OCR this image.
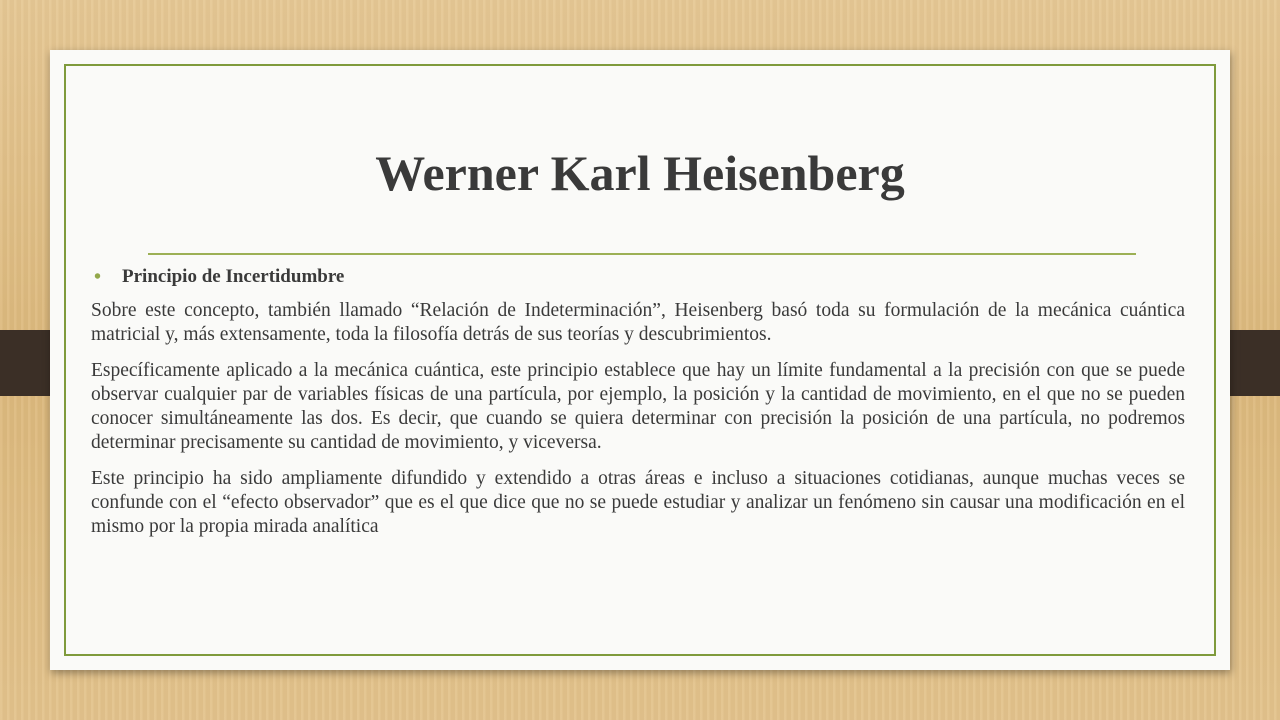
Werner Karl Heisenberg
•	Principio de Incertidumbre

Sobre este concepto, también llamado “Relación de Indeterminación”, Heisenberg basó toda su formulación de la mecánica cuántica matricial y, más extensamente, toda la filosofía detrás de sus teorías y descubrimientos.

Específicamente aplicado a la mecánica cuántica, este principio establece que hay un límite fundamental a la precisión con que se puede observar cualquier par de variables físicas de una partícula, por ejemplo, la posición y la cantidad de movimiento, en el que no se pueden conocer simultáneamente las dos. Es decir, que cuando se quiera determinar con precisión la posición de una partícula, no podremos determinar precisamente su cantidad de movimiento, y viceversa.

Este principio ha sido ampliamente difundido y extendido a otras áreas e incluso a situaciones cotidianas, aunque muchas veces se confunde con el “efecto observador” que es el que dice que no se puede estudiar y analizar un fenómeno sin causar una modificación en el mismo por la propia mirada analítica
